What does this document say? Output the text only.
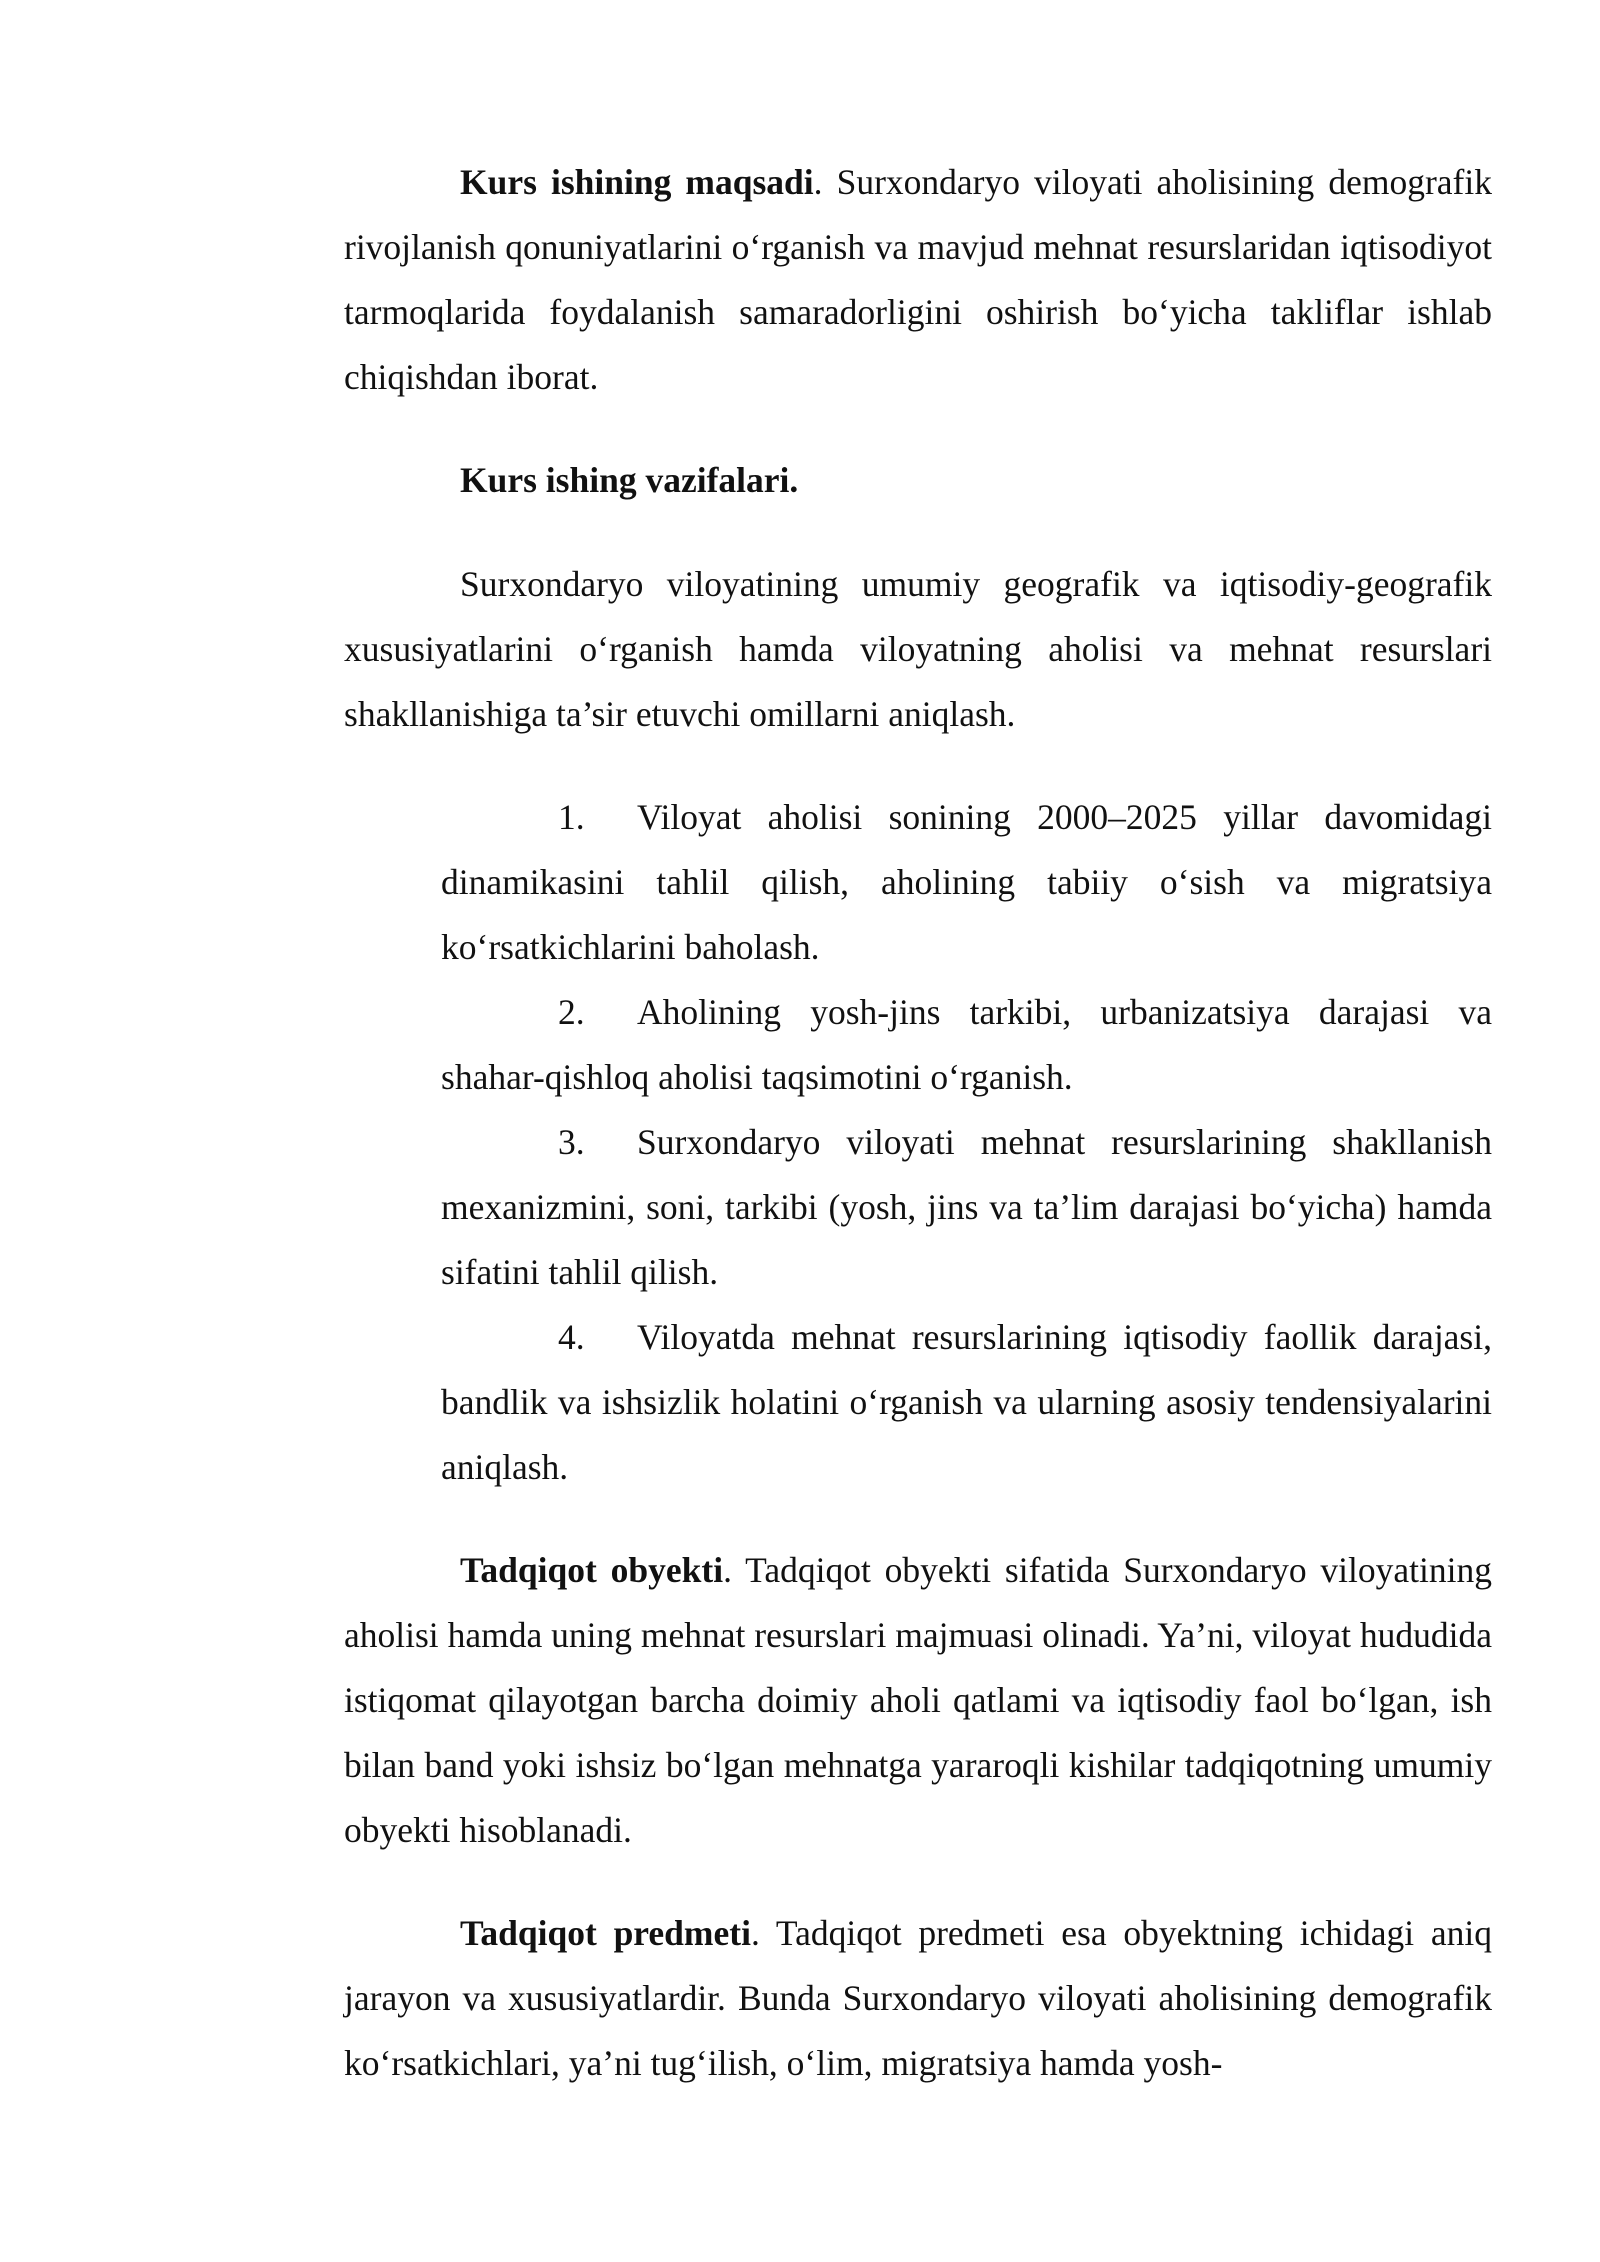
Kurs ishining maqsadi. Surxondaryo viloyati aholisining demografik rivojlanish qonuniyatlarini o‘rganish va mavjud mehnat resurslaridan iqtisodiyot tarmoqlarida foydalanish samaradorligini oshirish bo‘yicha takliflar ishlab chiqishdan iborat.

Kurs ishing vazifalari.

Surxondaryo viloyatining umumiy geografik va iqtisodiy-geografik xususiyatlarini o‘rganish hamda viloyatning aholisi va mehnat resurslari shakllanishiga ta’sir etuvchi omillarni aniqlash.

1. Viloyat aholisi sonining 2000–2025 yillar davomidagi dinamikasini tahlil qilish, aholining tabiiy o‘sish va migratsiya ko‘rsatkichlarini baholash.
2. Aholining yosh-jins tarkibi, urbanizatsiya darajasi va shahar-qishloq aholisi taqsimotini o‘rganish.
3. Surxondaryo viloyati mehnat resurslarining shakllanish mexanizmini, soni, tarkibi (yosh, jins va ta’lim darajasi bo‘yicha) hamda sifatini tahlil qilish.
4. Viloyatda mehnat resurslarining iqtisodiy faollik darajasi, bandlik va ishsizlik holatini o‘rganish va ularning asosiy tendensiyalarini aniqlash.

Tadqiqot obyekti. Tadqiqot obyekti sifatida Surxondaryo viloyatining aholisi hamda uning mehnat resurslari majmuasi olinadi. Ya’ni, viloyat hududida istiqomat qilayotgan barcha doimiy aholi qatlami va iqtisodiy faol bo‘lgan, ish bilan band yoki ishsiz bo‘lgan mehnatga yararoqli kishilar tadqiqotning umumiy obyekti hisoblanadi.

Tadqiqot predmeti. Tadqiqot predmeti esa obyektning ichidagi aniq jarayon va xususiyatlardir. Bunda Surxondaryo viloyati aholisining demografik ko‘rsatkichlari, ya’ni tug‘ilish, o‘lim, migratsiya hamda yosh-
